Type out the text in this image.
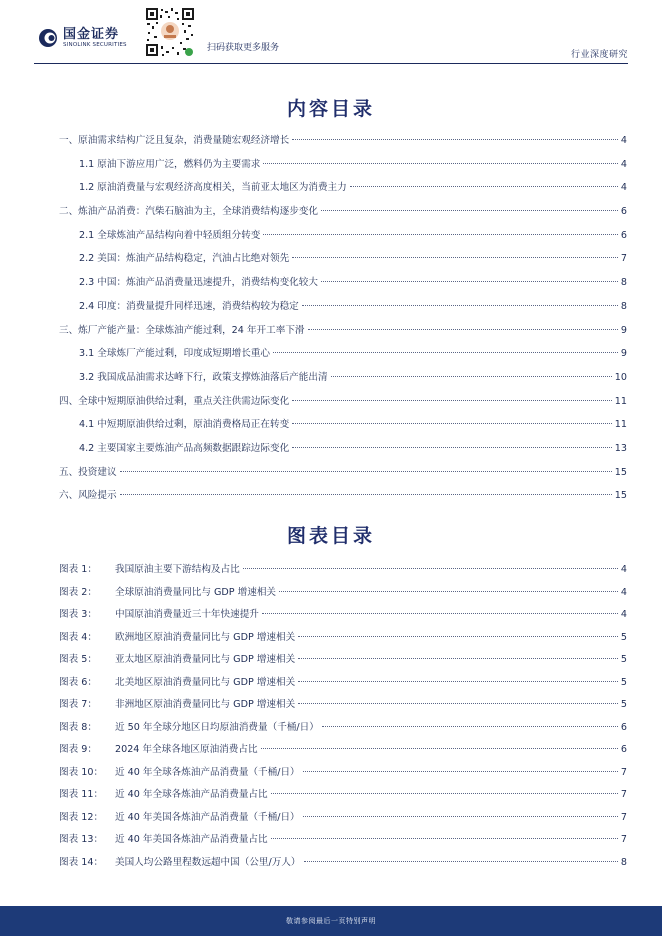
国金证券
SINOLINK SECURITIES	扫码获取更多服务
行业深度研究
内容目录
一、原油需求结构广泛且复杂，消费量随宏观经济增长	4
1.1 原油下游应用广泛，燃料仍为主要需求	4
1.2 原油消费量与宏观经济高度相关，当前亚太地区为消费主力	4
二、炼油产品消费：汽柴石脑油为主，全球消费结构逐步变化	6
2.1 全球炼油产品结构向着中轻质组分转变	6
2.2 美国：炼油产品结构稳定，汽油占比绝对领先	7
2.3 中国：炼油产品消费量迅速提升，消费结构变化较大	8
2.4 印度：消费量提升同样迅速，消费结构较为稳定	8
三、炼厂产能产量：全球炼油产能过剩，24 年开工率下滑	9
3.1 全球炼厂产能过剩，印度成短期增长重心	9
3.2 我国成品油需求达峰下行，政策支撑炼油落后产能出清	10
四、全球中短期原油供给过剩，重点关注供需边际变化	11
4.1 中短期原油供给过剩，原油消费格局正在转变	11
4.2 主要国家主要炼油产品高频数据跟踪边际变化	13
五、投资建议	15
六、风险提示	15
图表目录
图表 1：	我国原油主要下游结构及占比	4
图表 2：	全球原油消费量同比与 GDP 增速相关	4
图表 3：	中国原油消费量近三十年快速提升	4
图表 4：	欧洲地区原油消费量同比与 GDP 增速相关	5
图表 5：	亚太地区原油消费量同比与 GDP 增速相关	5
图表 6：	北美地区原油消费量同比与 GDP 增速相关	5
图表 7：	非洲地区原油消费量同比与 GDP 增速相关	5
图表 8：	近 50 年全球分地区日均原油消费量（千桶/日）	6
图表 9：	2024 年全球各地区原油消费占比	6
图表 10：	近 40 年全球各炼油产品消费量（千桶/日）	7
图表 11：	近 40 年全球各炼油产品消费量占比	7
图表 12：	近 40 年美国各炼油产品消费量（千桶/日）	7
图表 13：	近 40 年美国各炼油产品消费量占比	7
图表 14：	美国人均公路里程数远超中国（公里/万人）	8
敬请参阅最后一页特别声明
